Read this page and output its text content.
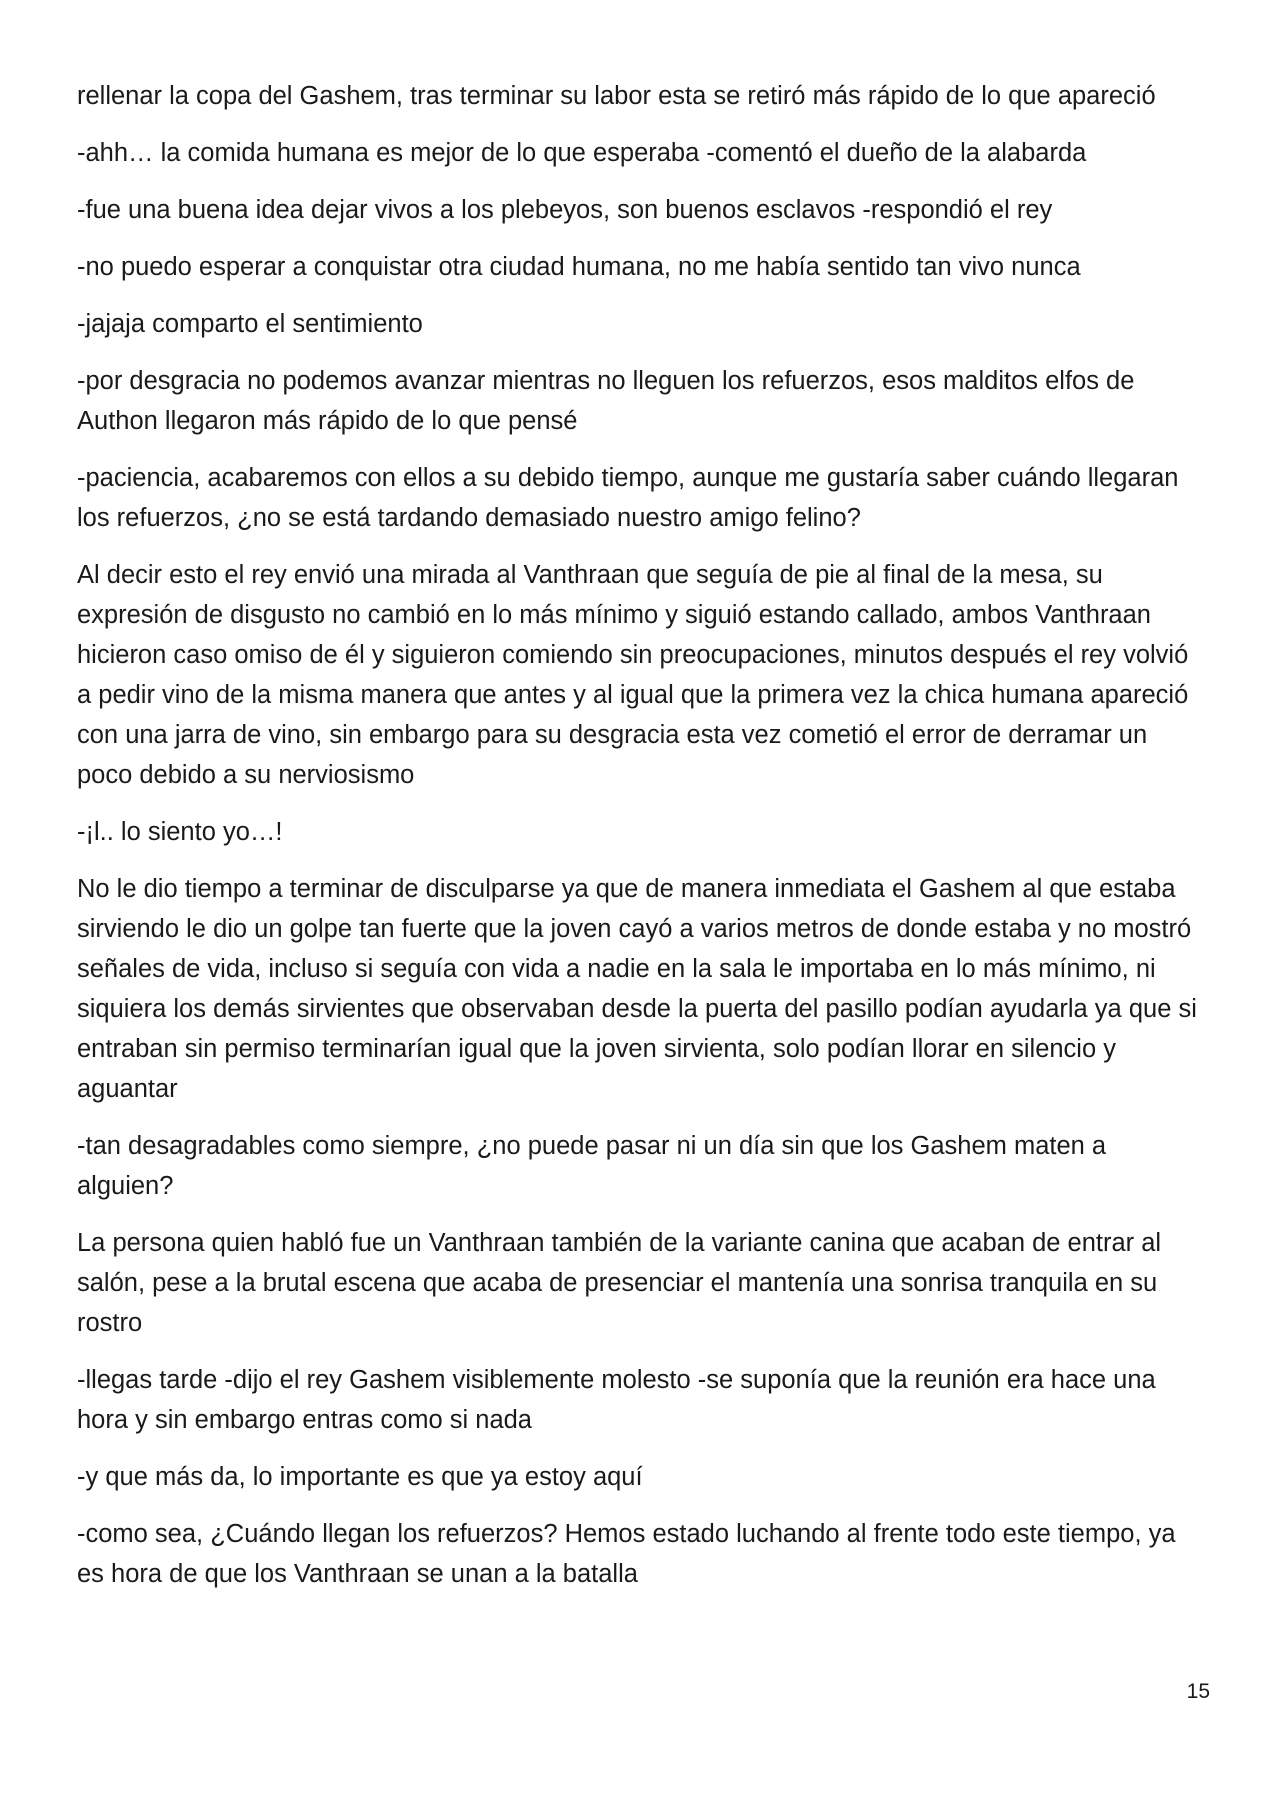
rellenar la copa del Gashem, tras terminar su labor esta se retiró más rápido de lo que apareció

-ahh… la comida humana es mejor de lo que esperaba -comentó el dueño de la alabarda

-fue una buena idea dejar vivos a los plebeyos, son buenos esclavos -respondió el rey

-no puedo esperar a conquistar otra ciudad humana, no me había sentido tan vivo nunca

-jajaja comparto el sentimiento

-por desgracia no podemos avanzar mientras no lleguen los refuerzos, esos malditos elfos de Authon llegaron más rápido de lo que pensé

-paciencia, acabaremos con ellos a su debido tiempo, aunque me gustaría saber cuándo llegaran los refuerzos, ¿no se está tardando demasiado nuestro amigo felino?

Al decir esto el rey envió una mirada al Vanthraan que seguía de pie al final de la mesa, su expresión de disgusto no cambió en lo más mínimo y siguió estando callado, ambos Vanthraan hicieron caso omiso de él y siguieron comiendo sin preocupaciones, minutos después el rey volvió a pedir vino de la misma manera que antes y al igual que la primera vez la chica humana apareció con una jarra de vino, sin embargo para su desgracia esta vez cometió el error de derramar un poco debido a su nerviosismo

-¡l.. lo siento yo…!

No le dio tiempo a terminar de disculparse ya que de manera inmediata el Gashem al que estaba sirviendo le dio un golpe tan fuerte que la joven cayó a varios metros de donde estaba y no mostró señales de vida, incluso si seguía con vida a nadie en la sala le importaba en lo más mínimo, ni siquiera los demás sirvientes que observaban desde la puerta del pasillo podían ayudarla ya que si entraban sin permiso terminarían igual que la joven sirvienta, solo podían llorar en silencio y aguantar

-tan desagradables como siempre, ¿no puede pasar ni un día sin que los Gashem maten a alguien?

La persona quien habló fue un Vanthraan también de la variante canina que acaban de entrar al salón, pese a la brutal escena que acaba de presenciar el mantenía una sonrisa tranquila en su rostro

-llegas tarde -dijo el rey Gashem visiblemente molesto -se suponía que la reunión era hace una hora y sin embargo entras como si nada

-y que más da, lo importante es que ya estoy aquí

-como sea, ¿Cuándo llegan los refuerzos? Hemos estado luchando al frente todo este tiempo, ya es hora de que los Vanthraan se unan a la batalla

15
